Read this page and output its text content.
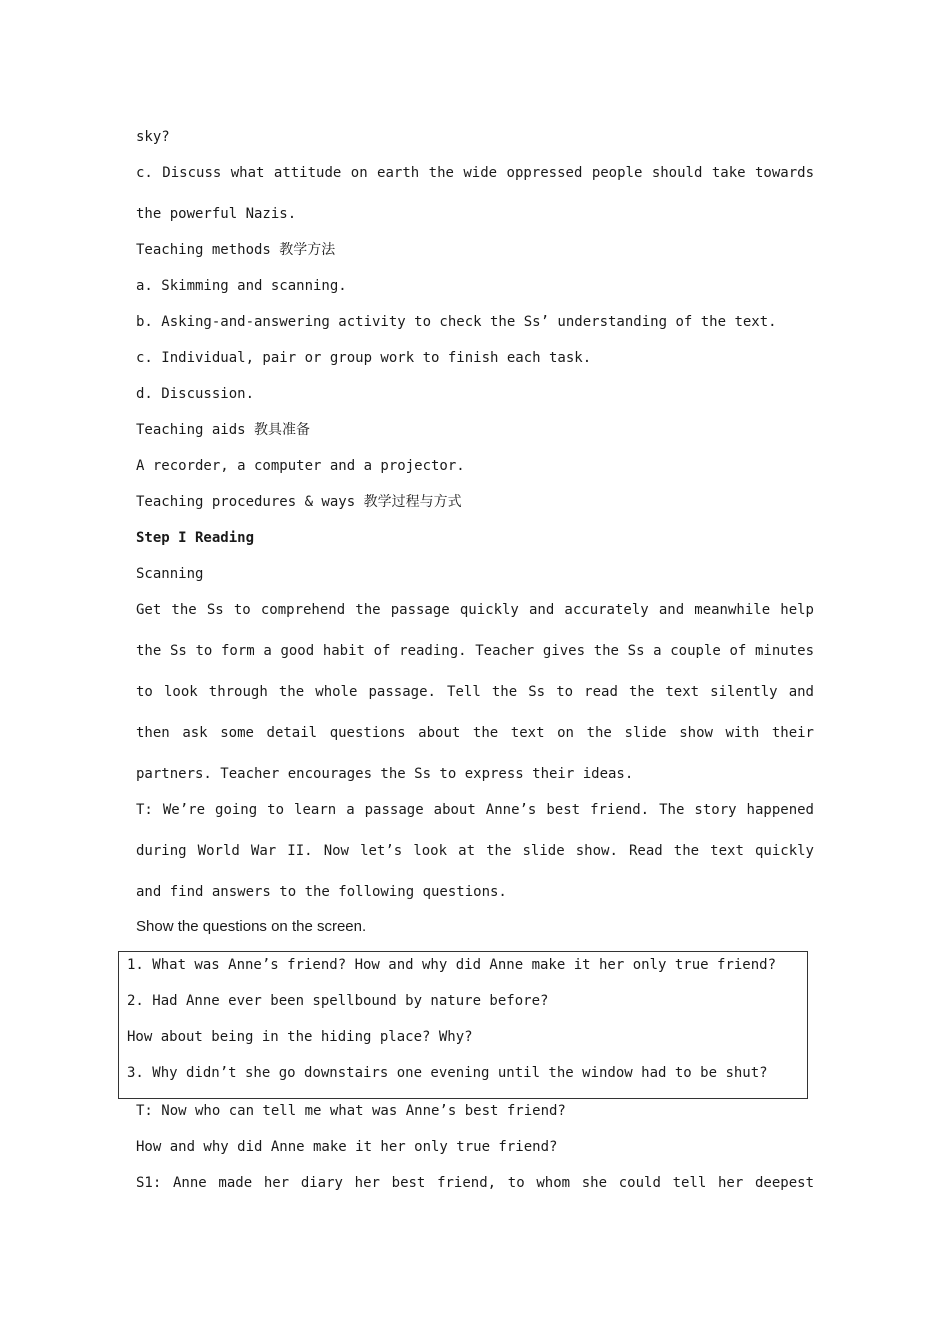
sky?
c. Discuss what attitude on earth the wide oppressed people should take towards
the powerful Nazis.
Teaching methods 教学方法
a. Skimming and scanning.
b. Asking-and-answering activity to check the Ss’ understanding of the text.
c. Individual, pair or group work to finish each task.
d. Discussion.
Teaching aids 教具准备
A recorder, a computer and a projector.
Teaching procedures & ways 教学过程与方式
Step I Reading
Scanning
Get the Ss to comprehend the passage quickly and accurately and meanwhile help
the Ss to form a good habit of reading. Teacher gives the Ss a couple of minutes
to look through the whole passage. Tell the Ss to read the text silently and
then ask some detail questions about the text on the slide show with their
partners. Teacher encourages the Ss to express their ideas.
T: We’re going to learn a passage about Anne’s best friend. The story happened
during World War II. Now let’s look at the slide show. Read the text quickly
and find answers to the following questions.
Show the questions on the screen.
1. What was Anne’s friend? How and why did Anne make it her only true friend?
2. Had Anne ever been spellbound by nature before?
How about being in the hiding place? Why?
3. Why didn’t she go downstairs one evening until the window had to be shut?
T: Now who can tell me what was Anne’s best friend?
How and why did Anne make it her only true friend?
S1: Anne made her diary her best friend, to whom she could tell her deepest
